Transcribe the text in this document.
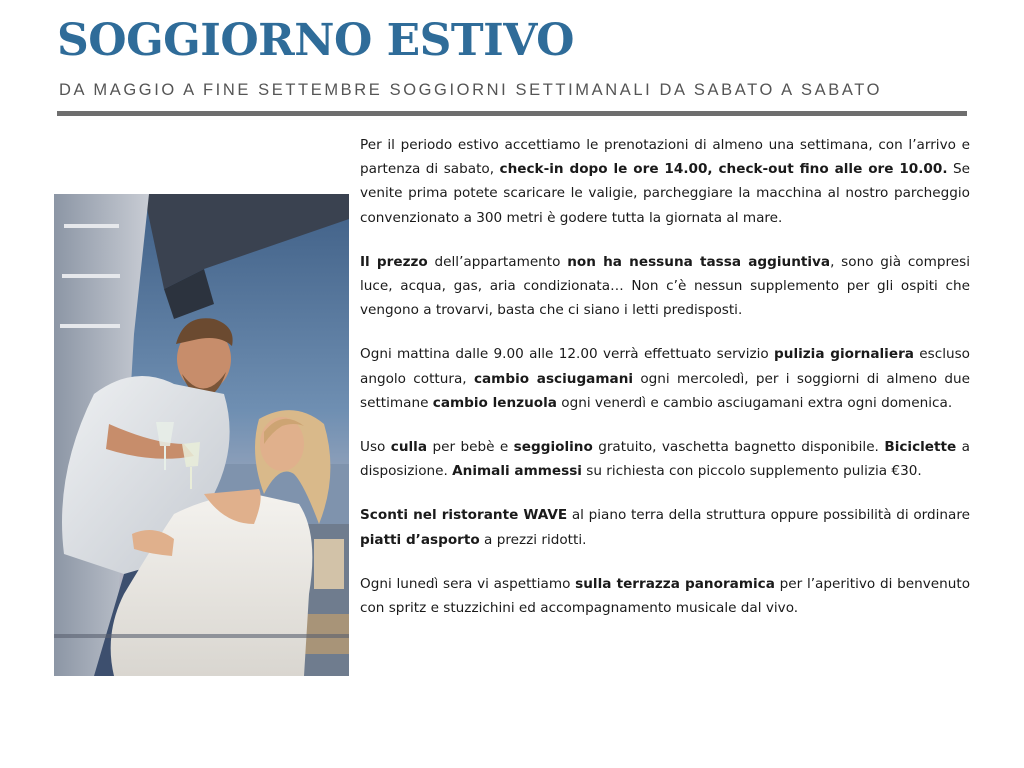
SOGGIORNO ESTIVO
DA MAGGIO A FINE SETTEMBRE SOGGIORNI SETTIMANALI DA SABATO A SABATO

Per il periodo estivo accettiamo le prenotazioni di almeno una settimana, con l’arrivo e partenza di sabato, check-in dopo le ore 14.00, check-out fino alle ore 10.00. Se venite prima potete scaricare le valigie, parcheggiare la macchina al nostro parcheggio convenzionato a 300 metri è godere tutta la giornata al mare.

Il prezzo dell’appartamento non ha nessuna tassa aggiuntiva, sono già compresi luce, acqua, gas, aria condizionata… Non c’è nessun supplemento per gli ospiti che vengono a trovarvi, basta che ci siano i letti predisposti.

Ogni mattina dalle 9.00 alle 12.00 verrà effettuato servizio pulizia giornaliera escluso angolo cottura, cambio asciugamani ogni mercoledì, per i soggiorni di almeno due settimane cambio lenzuola ogni venerdì e cambio asciugamani extra ogni domenica.

Uso culla per bebè e seggiolino gratuito, vaschetta bagnetto disponibile. Biciclette a disposizione. Animali ammessi su richiesta con piccolo supplemento pulizia €30.

Sconti nel ristorante WAVE al piano terra della struttura oppure possibilità di ordinare piatti d’asporto a prezzi ridotti.

Ogni lunedì sera vi aspettiamo sulla terrazza panoramica per l’aperitivo di benvenuto con spritz e stuzzichini ed accompagnamento musicale dal vivo.
